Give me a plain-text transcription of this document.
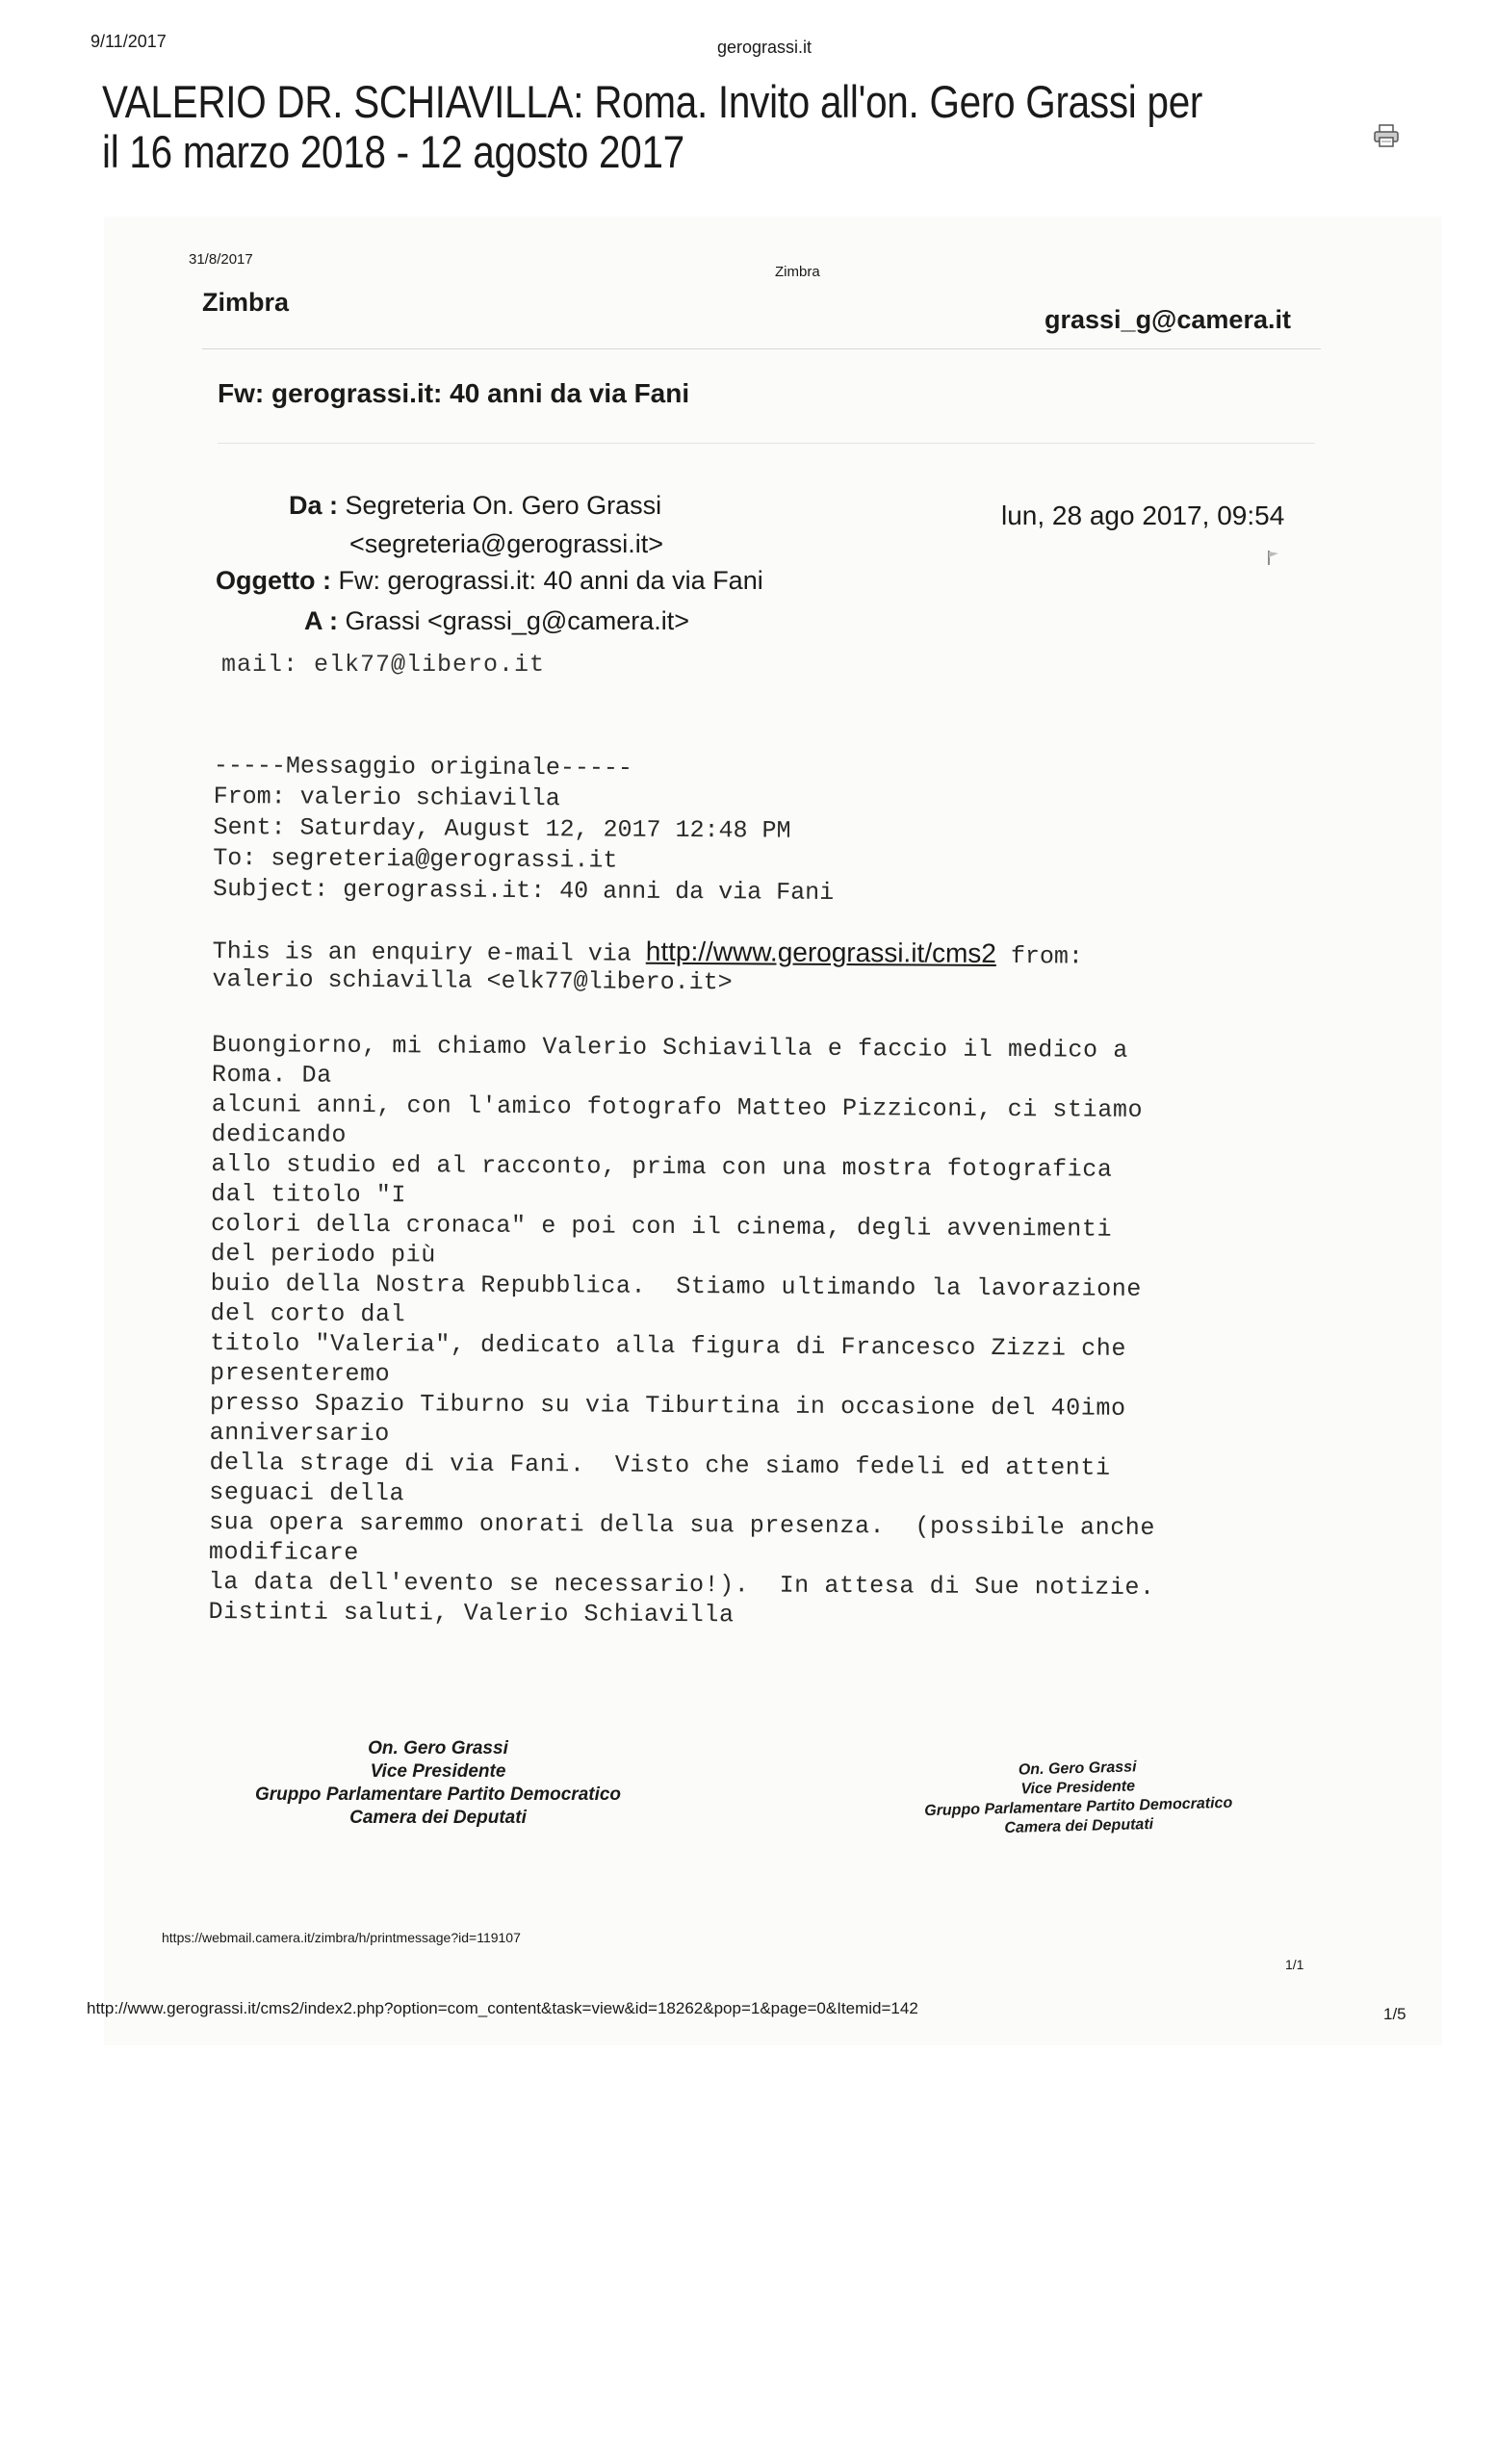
9/11/2017	gerograssi.it
VALERIO DR. SCHIAVILLA: Roma. Invito all'on. Gero Grassi per il 16 marzo 2018 - 12 agosto 2017
31/8/2017
Zimbra
Zimbra
grassi_g@camera.it
Fw: gerograssi.it: 40 anni da via Fani
Da : Segreteria On. Gero Grassi
<segreteria@gerograssi.it>
Oggetto : Fw: gerograssi.it: 40 anni da via Fani
A : Grassi <grassi_g@camera.it>
mail: elk77@libero.it
lun, 28 ago 2017, 09:54
-----Messaggio originale-----
From: valerio schiavilla
Sent: Saturday, August 12, 2017 12:48 PM
To: segreteria@gerograssi.it
Subject: gerograssi.it: 40 anni da via Fani
This is an enquiry e-mail via http://www.gerograssi.it/cms2 from:
valerio schiavilla <elk77@libero.it>
Buongiorno, mi chiamo Valerio Schiavilla e faccio il medico a
Roma. Da
alcuni anni, con l'amico fotografo Matteo Pizziconi, ci stiamo
dedicando
allo studio ed al racconto, prima con una mostra fotografica
dal titolo "I
colori della cronaca" e poi con il cinema, degli avvenimenti
del periodo più
buio della Nostra Repubblica.  Stiamo ultimando la lavorazione
del corto dal
titolo "Valeria", dedicato alla figura di Francesco Zizzi che
presenteremo
presso Spazio Tiburno su via Tiburtina in occasione del 40imo
anniversario
della strage di via Fani.  Visto che siamo fedeli ed attenti
seguaci della
sua opera saremmo onorati della sua presenza.  (possibile anche
modificare
la data dell'evento se necessario!).  In attesa di Sue notizie.
Distinti saluti, Valerio Schiavilla
On. Gero Grassi
Vice Presidente
Gruppo Parlamentare Partito Democratico
Camera dei Deputati
On. Gero Grassi
Vice Presidente
Gruppo Parlamentare Partito Democratico
Camera dei Deputati
https://webmail.camera.it/zimbra/h/printmessage?id=119107
1/1
http://www.gerograssi.it/cms2/index2.php?option=com_content&task=view&id=18262&pop=1&page=0&Itemid=142	1/5
